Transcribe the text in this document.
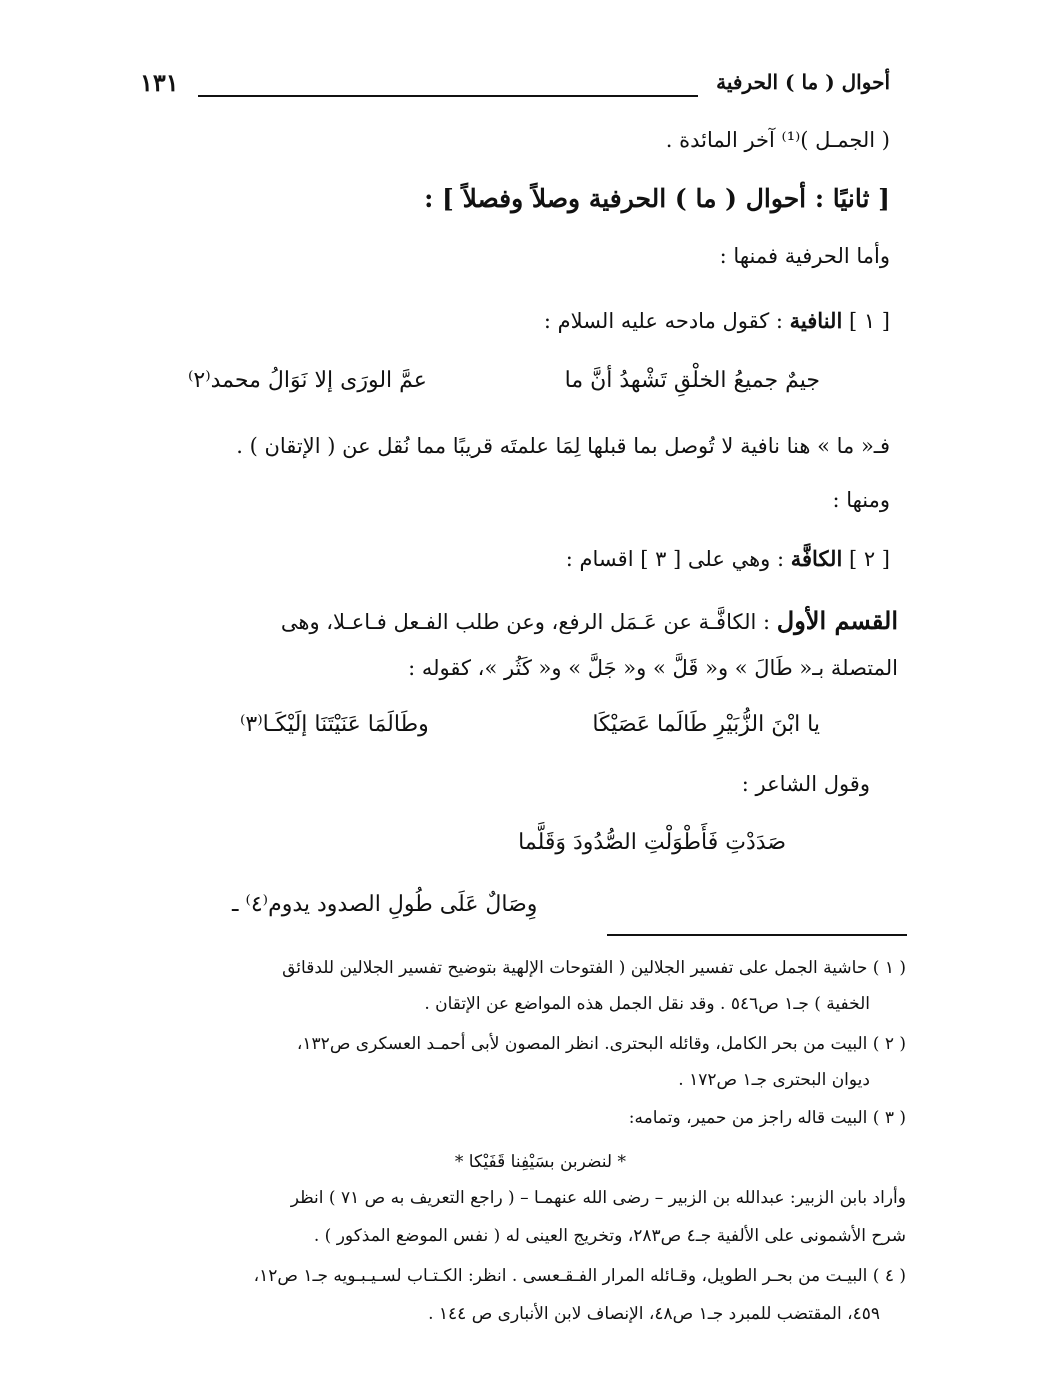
أحوال ( ما ) الحرفية
١٣١
( الجمـل )⁽¹⁾ آخر المائدة .
[ ثانيًا : أحوال ( ما ) الحرفية وصلاً وفصلاً ] :
وأما الحرفية فمنها :
[ ١ ] النافية : كقول مادحه عليه السلام :
جيمٌ جميعُ الخلْقِ تَشْهدُ أنَّ ما
عمَّ الورَى إلا نَوَالُ محمد⁽٢⁾
فـ« ما » هنا نافية لا تُوصل بما قبلها لِمَا علمتَه قريبًا مما نُقل عن ( الإتقان ) .
ومنها :
[ ٢ ] الكافَّة : وهي على [ ٣ ] اقسام :
القسم الأول : الكافَّـة عن عَـمَل الرفع، وعن طلب الفـعل فـاعـلا، وهى
المتصلة بـ« طَالَ » و« قَلَّ » و« جَلَّ » و« كَثُر »، كقوله :
يا ابْنَ الزُّبَيْرِ طَالَما عَصَيْكَا
وطَالَمَا عَنَيْتَنَا إلَيْكَـا⁽٣⁾
وقول الشاعر :
صَدَدْتِ فَأَطْوَلْتِ الصُّدُودَ وَقَلَّما
وِصَالٌ عَلَى طُولِ الصدود يدوم⁽٤⁾ ـ
( ١ ) حاشية الجمل على تفسير الجلالين ( الفتوحات الإلهية بتوضيح تفسير الجلالين للدقائق
الخفية ) جـ١ ص٥٤٦ . وقد نقل الجمل هذه المواضع عن الإتقان .
( ٢ ) البيت من بحر الكامل، وقائله البحترى. انظر المصون لأبى أحمـد العسكرى ص١٣٢،
ديوان البحترى جـ١ ص١٧٢ .
( ٣ ) البيت قاله راجز من حمير، وتمامه:
* لنضربن بسَيْفِنا قَفَيْكا *
وأراد بابن الزبير: عبدالله بن الزبير – رضى الله عنهمـا – ( راجع التعريف به ص ٧١ ) انظر
شرح الأشمونى على الألفية جـ٤ ص٢٨٣، وتخريج العينى له ( نفس الموضع المذكور ) .
( ٤ ) البيـت من بحـر الطويل، وقـائله المرار الفـقـعسى . انظر: الكـتـاب لسـيـبـويه جـ١ ص١٢،
٤٥٩، المقتضب للمبرد جـ١ ص٤٨، الإنصاف لابن الأنبارى ص ١٤٤ .
